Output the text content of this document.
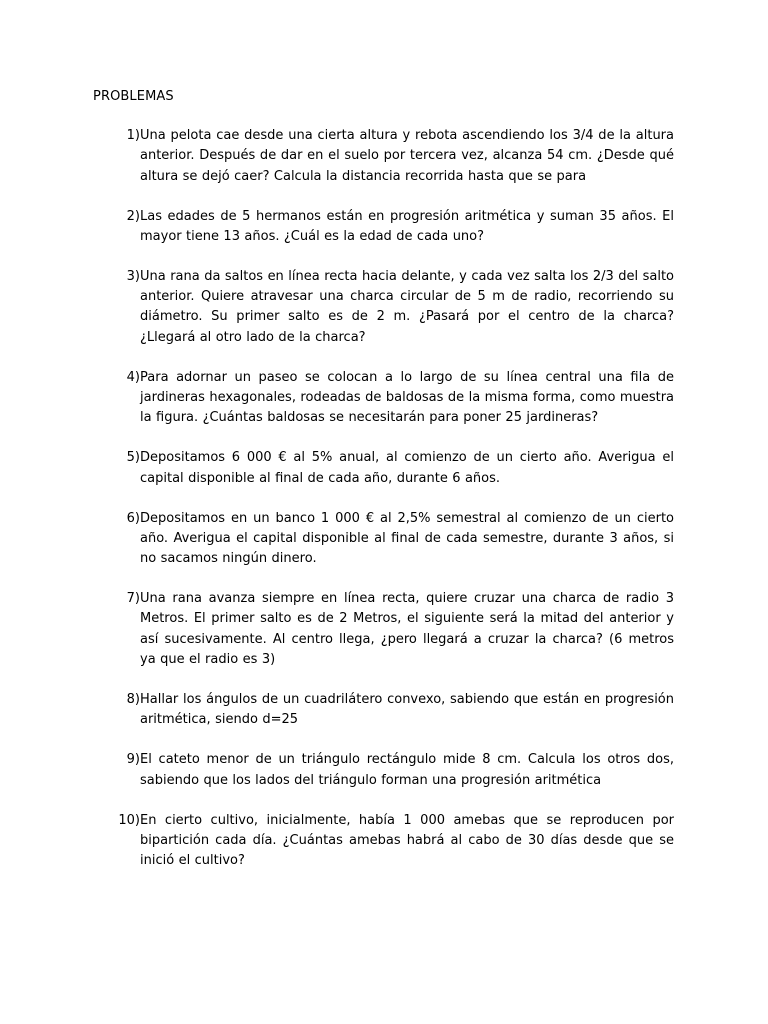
PROBLEMAS
1) Una pelota cae desde una cierta altura y rebota ascendiendo los 3/4 de la altura anterior. Después de dar en el suelo por tercera vez, alcanza 54 cm. ¿Desde qué altura se dejó caer? Calcula la distancia recorrida hasta que se para
2) Las edades de 5 hermanos están en progresión aritmética y suman 35 años. El mayor tiene 13 años. ¿Cuál es la edad de cada uno?
3) Una rana da saltos en línea recta hacia delante, y cada vez salta los 2/3 del salto anterior. Quiere atravesar una charca circular de 5 m de radio, recorriendo su diámetro. Su primer salto es de 2 m. ¿Pasará por el centro de la charca? ¿Llegará al otro lado de la charca?
4) Para adornar un paseo se colocan a lo largo de su línea central una fila de jardineras hexagonales, rodeadas de baldosas de la misma forma, como muestra la figura. ¿Cuántas baldosas se necesitarán para poner 25 jardineras?
5) Depositamos 6 000 € al 5% anual, al comienzo de un cierto año. Averigua el capital disponible al final de cada año, durante 6 años.
6) Depositamos en un banco 1 000 € al 2,5% semestral al comienzo de un cierto año. Averigua el capital disponible al final de cada semestre, durante 3 años, si no sacamos ningún dinero.
7) Una rana avanza siempre en línea recta, quiere cruzar una charca de radio 3 Metros. El primer salto es de 2 Metros, el siguiente será la mitad del anterior y así sucesivamente. Al centro llega, ¿pero llegará a cruzar la charca? (6 metros ya que el radio es 3)
8) Hallar los ángulos de un cuadrilátero convexo, sabiendo que están en progresión aritmética, siendo d=25
9) El cateto menor de un triángulo rectángulo mide 8 cm. Calcula los otros dos, sabiendo que los lados del triángulo forman una progresión aritmética
10) En cierto cultivo, inicialmente, había 1 000 amebas que se reproducen por bipartición cada día. ¿Cuántas amebas habrá al cabo de 30 días desde que se inició el cultivo?
